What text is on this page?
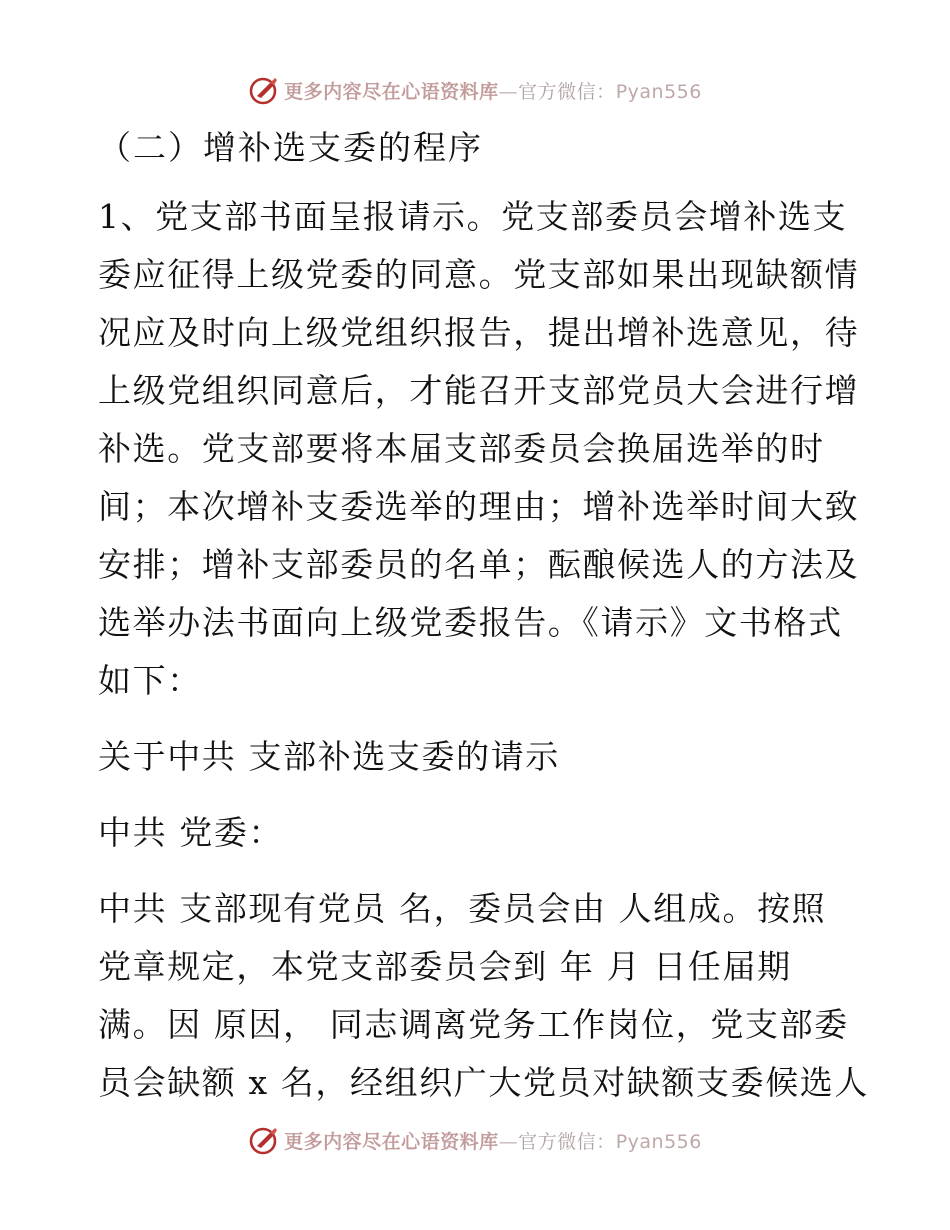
更多内容尽在心语资料库—官方微信：Pyan556
（二）增补选支委的程序
1、党支部书面呈报请示。党支部委员会增补选支
委应征得上级党委的同意。党支部如果出现缺额情
况应及时向上级党组织报告，提出增补选意见，待
上级党组织同意后，才能召开支部党员大会进行增
补选。党支部要将本届支部委员会换届选举的时
间；本次增补支委选举的理由；增补选举时间大致
安排；增补支部委员的名单；酝酿候选人的方法及
选举办法书面向上级党委报告。《请示》文书格式
如下：
关于中共 支部补选支委的请示
中共 党委：
中共 支部现有党员 名，委员会由 人组成。按照
党章规定，本党支部委员会到 年 月 日任届期
满。因 原因， 同志调离党务工作岗位，党支部委
员会缺额 x 名，经组织广大党员对缺额支委候选人
更多内容尽在心语资料库—官方微信：Pyan556
